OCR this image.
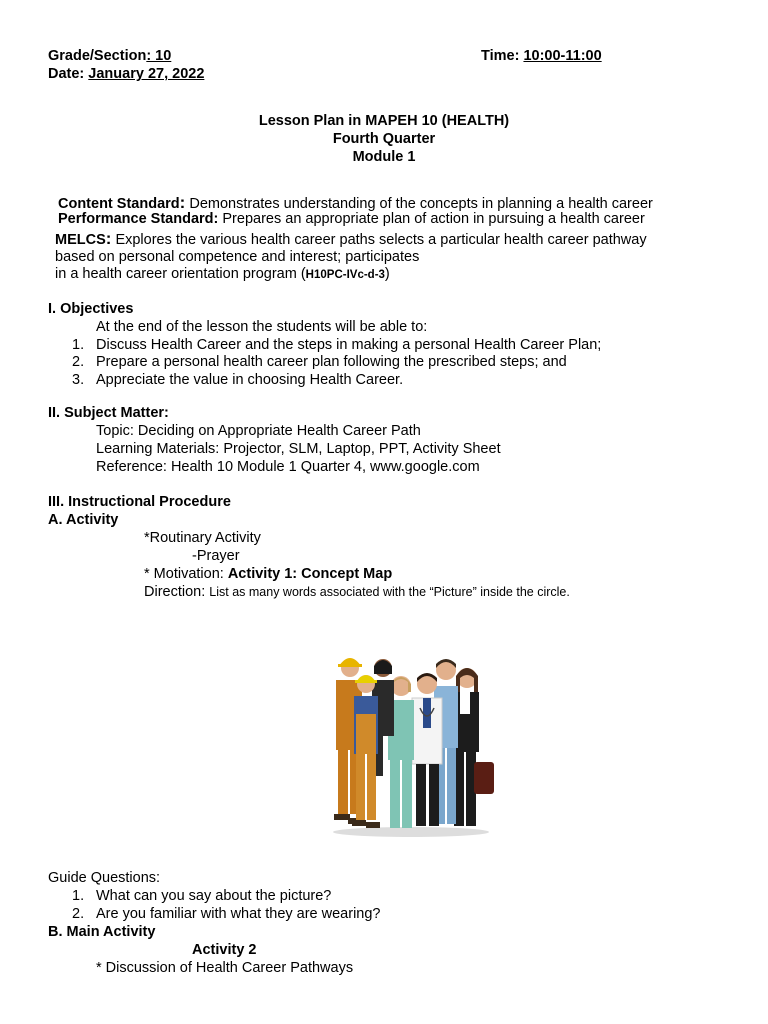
Grade/Section: 10	Time: 10:00-11:00
Date: January 27, 2022
Lesson Plan in MAPEH 10 (HEALTH)
Fourth Quarter
Module 1
Content Standard: Demonstrates understanding of the concepts in planning a health career
Performance Standard: Prepares an appropriate plan of action in pursuing a health career
MELCS: Explores the various health career paths selects a particular health career pathway
based on personal competence and interest; participates
in a health career orientation program (H10PC-IVc-d-3)
I. Objectives
At the end of the lesson the students will be able to:
1. Discuss Health Career and the steps in making a personal Health Career Plan;
2. Prepare a personal health career plan following the prescribed steps; and
3. Appreciate the value in choosing Health Career.
II. Subject Matter:
Topic: Deciding on Appropriate Health Career Path
Learning Materials: Projector, SLM, Laptop, PPT, Activity Sheet
Reference: Health 10 Module 1 Quarter 4, www.google.com
III. Instructional Procedure
A. Activity
*Routinary Activity
-Prayer
* Motivation: Activity 1: Concept Map
Direction: List as many words associated with the “Picture” inside the circle.
Guide Questions:
1. What can you say about the picture?
2. Are you familiar with what they are wearing?
B. Main Activity
Activity 2
* Discussion of Health Career Pathways
